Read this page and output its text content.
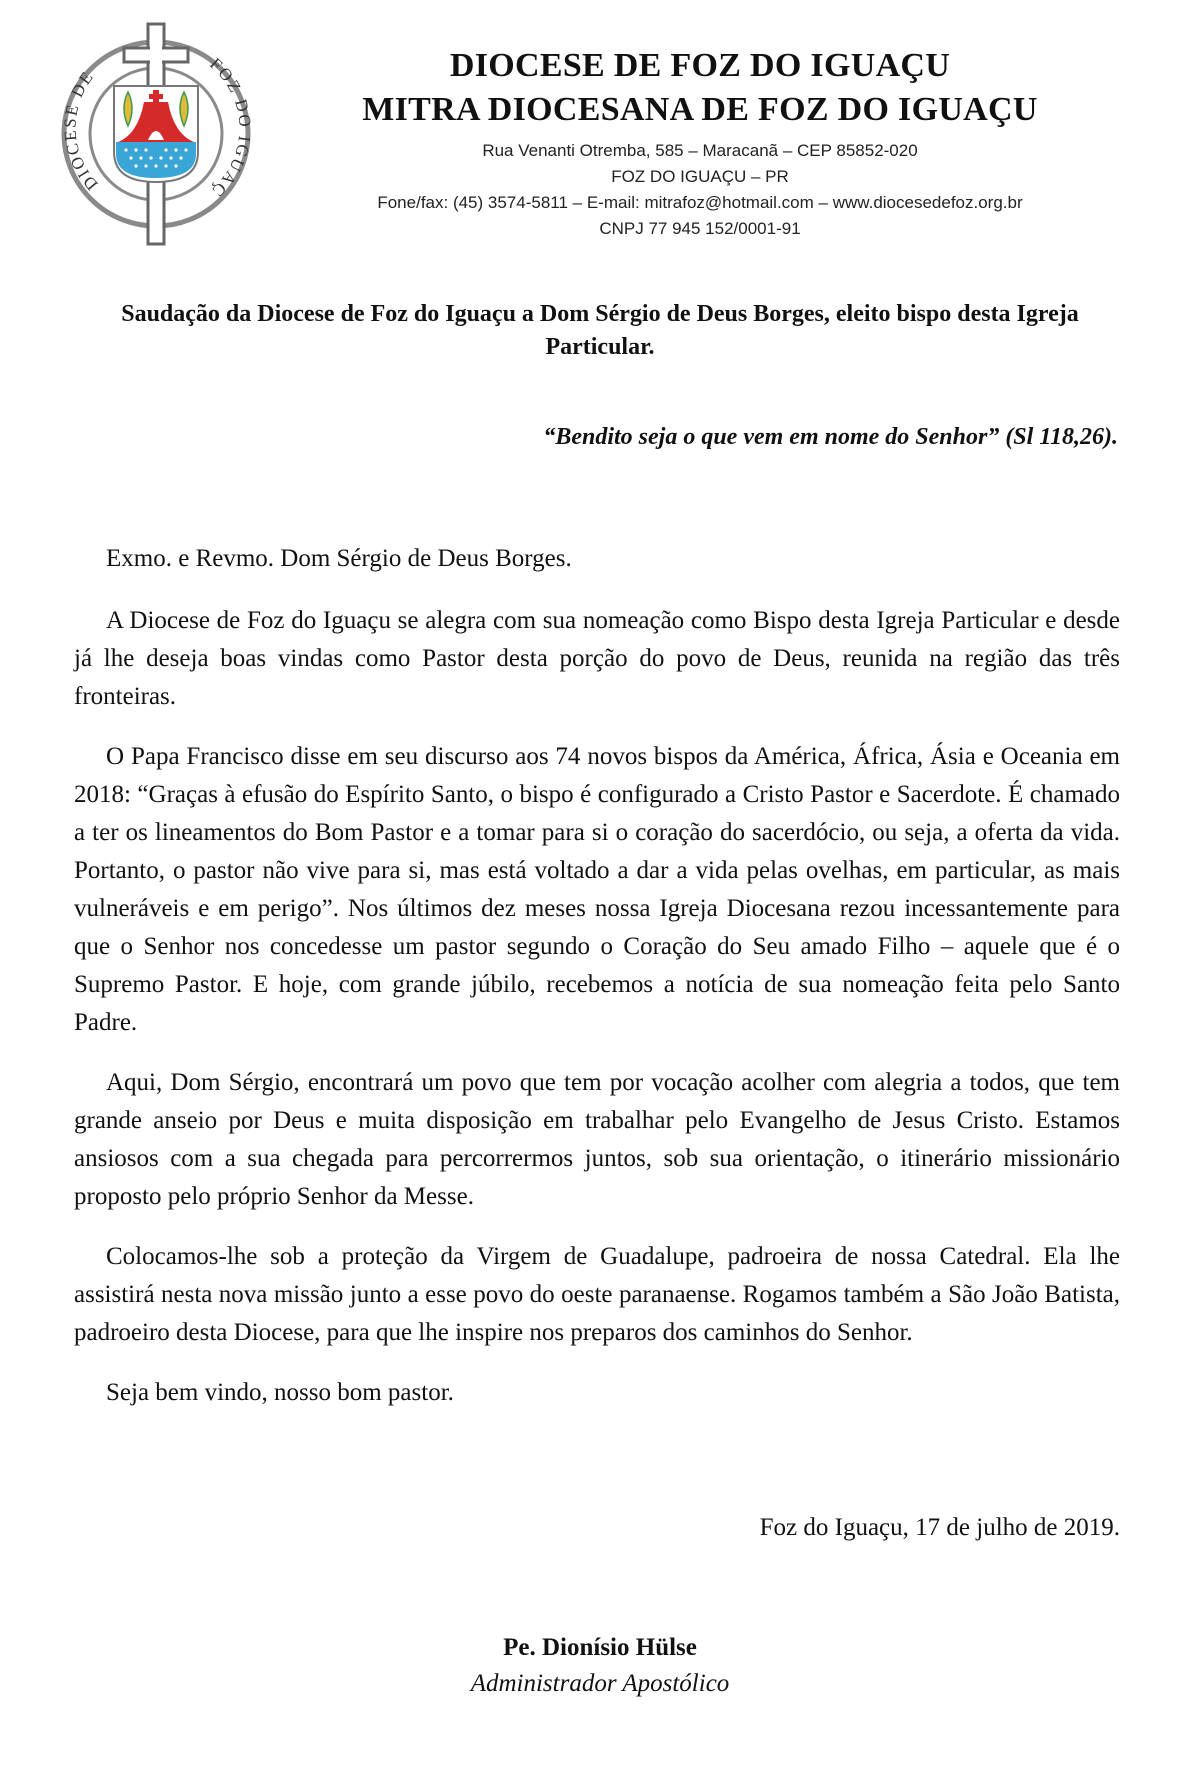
DIOCESE DE
FOZ DO IGUAÇ

DIOCESE DE FOZ DO IGUAÇU

MITRA DIOCESANA DE FOZ DO IGUAÇU

Rua Venanti Otremba, 585 – Maracanã – CEP 85852-020

FOZ DO IGUAÇU – PR

Fone/fax: (45) 3574-5811 – E-mail: mitrafoz@hotmail.com – www.diocesedefoz.org.br

CNPJ 77 945 152/0001-91

Saudação da Diocese de Foz do Iguaçu a Dom Sérgio de Deus Borges, eleito bispo desta Igreja Particular.
“Bendito seja o que vem em nome do Senhor” (Sl 118,26).

Exmo. e Revmo. Dom Sérgio de Deus Borges.

A Diocese de Foz do Iguaçu se alegra com sua nomeação como Bispo desta Igreja Particular e desde já lhe deseja boas vindas como Pastor desta porção do povo de Deus, reunida na região das três fronteiras.

O Papa Francisco disse em seu discurso aos 74 novos bispos da América, África, Ásia e Oceania em 2018: “Graças à efusão do Espírito Santo, o bispo é configurado a Cristo Pastor e Sacerdote. É chamado a ter os lineamentos do Bom Pastor e a tomar para si o coração do sacerdócio, ou seja, a oferta da vida. Portanto, o pastor não vive para si, mas está voltado a dar a vida pelas ovelhas, em particular, as mais vulneráveis e em perigo”. Nos últimos dez meses nossa Igreja Diocesana rezou incessantemente para que o Senhor nos concedesse um pastor segundo o Coração do Seu amado Filho – aquele que é o Supremo Pastor. E hoje, com grande júbilo, recebemos a notícia de sua nomeação feita pelo Santo Padre.

Aqui, Dom Sérgio, encontrará um povo que tem por vocação acolher com alegria a todos, que tem grande anseio por Deus e muita disposição em trabalhar pelo Evangelho de Jesus Cristo. Estamos ansiosos com a sua chegada para percorrermos juntos, sob sua orientação, o itinerário missionário proposto pelo próprio Senhor da Messe.

Colocamos-lhe sob a proteção da Virgem de Guadalupe, padroeira de nossa Catedral. Ela lhe assistirá nesta nova missão junto a esse povo do oeste paranaense. Rogamos também a São João Batista, padroeiro desta Diocese, para que lhe inspire nos preparos dos caminhos do Senhor.

Seja bem vindo, nosso bom pastor.

Foz do Iguaçu, 17 de julho de 2019.
Pe. Dionísio Hülse
Administrador Apostólico
